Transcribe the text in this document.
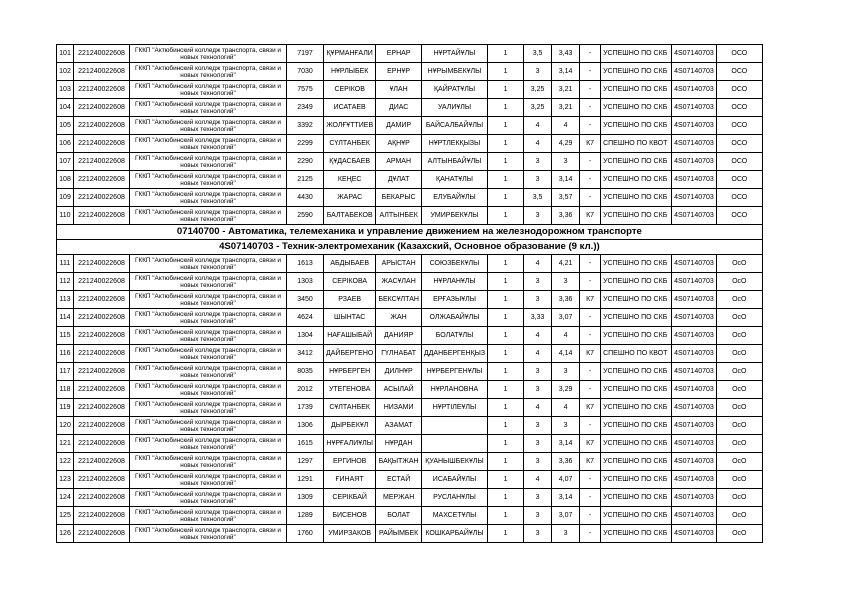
101	221240022608	ГККП "Актюбинский колледж транспорта, связи и новых технологий"	7197	ҚҰРМАНҒАЛИ	ЕРНАР	НҰРТАЙҰЛЫ	1	3,5	3,43	-	УСПЕШНО ПО СКБ	4S07140703	ОСО
102	221240022608	ГККП "Актюбинский колледж транспорта, связи и новых технологий"	7030	НҰРЛЫБЕК	ЕРНҰР	НҰРЫМБЕКҰЛЫ	1	3	3,14	-	УСПЕШНО ПО СКБ	4S07140703	ОСО
103	221240022608	ГККП "Актюбинский колледж транспорта, связи и новых технологий"	7575	СЕРІКОВ	ҰЛАН	ҚАЙРАТҰЛЫ	1	3,25	3,21	-	УСПЕШНО ПО СКБ	4S07140703	ОСО
104	221240022608	ГККП "Актюбинский колледж транспорта, связи и новых технологий"	2349	ИСАТАЕВ	ДИАС	УАЛИҰЛЫ	1	3,25	3,21	-	УСПЕШНО ПО СКБ	4S07140703	ОСО
105	221240022608	ГККП "Актюбинский колледж транспорта, связи и новых технологий"	3392	ЖОЛҒҰТТИЕВ	ДАМИР	БАЙСАЛБАЙҰЛЫ	1	4	4	-	УСПЕШНО ПО СКБ	4S07140703	ОСО
106	221240022608	ГККП "Актюбинский колледж транспорта, связи и новых технологий"	2299	СҮЛТАНБЕК	АҚНҰР	НҰРТЛЕКҚЫЗЫ	1	4	4,29	К7	СПЕШНО ПО КВОТ	4S07140703	ОСО
107	221240022608	ГККП "Актюбинский колледж транспорта, связи и новых технологий"	2290	ҚҰДАСБАЕВ	АРМАН	АЛТЫНБАЙҰЛЫ	1	3	3	-	УСПЕШНО ПО СКБ	4S07140703	ОСО
108	221240022608	ГККП "Актюбинский колледж транспорта, связи и новых технологий"	2125	КЕҢЕС	ДҰЛАТ	ҚАНАТҰЛЫ	1	3	3,14	-	УСПЕШНО ПО СКБ	4S07140703	ОСО
109	221240022608	ГККП "Актюбинский колледж транспорта, связи и новых технологий"	4430	ЖАРАС	БЕКАРЫС	ЕЛУБАЙҰЛЫ	1	3,5	3,57	-	УСПЕШНО ПО СКБ	4S07140703	ОСО
110	221240022608	ГККП "Актюбинский колледж транспорта, связи и новых технологий"	2590	БАЛТАБЕКОВ	АЛТЫНБЕК	УМИРБЕКҰЛЫ	1	3	3,36	К7	УСПЕШНО ПО СКБ	4S07140703	ОСО
07140700 - Автоматика, телемеханика и управление движением на железнодорожном транспорте													
4S07140703 - Техник-электромеханик (Казахский, Основное образование (9 кл.))													
111	221240022608	ГККП "Актюбинский колледж транспорта, связи и новых технологий"	1613	АБДЫБАЕВ	АРЫСТАН	СОЮЗБЕКҰЛЫ	1	4	4,21	-	УСПЕШНО ПО СКБ	4S07140703	ОсО
112	221240022608	ГККП "Актюбинский колледж транспорта, связи и новых технологий"	1303	СЕРІКОВА	ЖАСҰЛАН	НҰРЛАНҰЛЫ	1	3	3	-	УСПЕШНО ПО СКБ	4S07140703	ОсО
113	221240022608	ГККП "Актюбинский колледж транспорта, связи и новых технологий"	3450	РЗАЕВ	БЕКСҰЛТАН	ЕРҒАЗЫҰЛЫ	1	3	3,36	К7	УСПЕШНО ПО СКБ	4S07140703	ОсО
114	221240022608	ГККП "Актюбинский колледж транспорта, связи и новых технологий"	4624	ШЫНТАС	ЖАН	ОЛЖАБАЙҰЛЫ	1	3,33	3,07	-	УСПЕШНО ПО СКБ	4S07140703	ОсО
115	221240022608	ГККП "Актюбинский колледж транспорта, связи и новых технологий"	1304	НАҒАШЫБАЙ	ДАНИЯР	БОЛАТҰЛЫ	1	4	4	-	УСПЕШНО ПО СКБ	4S07140703	ОсО
116	221240022608	ГККП "Актюбинский колледж транспорта, связи и новых технологий"	3412	ДАЙБЕРГЕНО	ГҮЛНАБАТ	ДДАНБЕРГЕНҚЫЗ	1	4	4,14	К7	СПЕШНО ПО КВОТ	4S07140703	ОсО
117	221240022608	ГККП "Актюбинский колледж транспорта, связи и новых технологий"	8035	НҰРБЕРГЕН	ДИЛНҰР	НҰРБЕРГЕНҰЛЫ	1	3	3	-	УСПЕШНО ПО СКБ	4S07140703	ОсО
118	221240022608	ГККП "Актюбинский колледж транспорта, связи и новых технологий"	2012	УТЕГЕНОВА	АСЫЛАЙ	НҰРЛАНОВНА	1	3	3,29	-	УСПЕШНО ПО СКБ	4S07140703	ОсО
119	221240022608	ГККП "Актюбинский колледж транспорта, связи и новых технологий"	1739	СҰЛТАНБЕК	НИЗАМИ	НҰРТІЛЕҰЛЫ	1	4	4	К7	УСПЕШНО ПО СКБ	4S07140703	ОсО
120	221240022608	ГККП "Актюбинский колледж транспорта, связи и новых технологий"	1306	ДЫРБЕКҰЛ	АЗАМАТ		1	3	3	-	УСПЕШНО ПО СКБ	4S07140703	ОсО
121	221240022608	ГККП "Актюбинский колледж транспорта, связи и новых технологий"	1615	НҰРҒАЛИҰЛЫ	НҰРДАН		1	3	3,14	К7	УСПЕШНО ПО СКБ	4S07140703	ОсО
122	221240022608	ГККП "Актюбинский колледж транспорта, связи и новых технологий"	1297	ЕРГИНОВ	БАҚЫТЖАН	ҚУАНЫШБЕКҰЛЫ	1	3	3,36	К7	УСПЕШНО ПО СКБ	4S07140703	ОсО
123	221240022608	ГККП "Актюбинский колледж транспорта, связи и новых технологий"	1291	ҒИНАЯТ	ЕСТАЙ	ИСАБАЙҰЛЫ	1	4	4,07	-	УСПЕШНО ПО СКБ	4S07140703	ОсО
124	221240022608	ГККП "Актюбинский колледж транспорта, связи и новых технологий"	1309	СЕРІКБАЙ	МЕРЖАН	РУСЛАНҰЛЫ	1	3	3,14	-	УСПЕШНО ПО СКБ	4S07140703	ОсО
125	221240022608	ГККП "Актюбинский колледж транспорта, связи и новых технологий"	1289	БИСЕНОВ	БОЛАТ	МАХСЕТҰЛЫ	1	3	3,07	-	УСПЕШНО ПО СКБ	4S07140703	ОсО
126	221240022608	ГККП "Актюбинский колледж транспорта, связи и новых технологий"	1760	УМИРЗАКОВ	РАЙЫМБЕК	КОШКАРБАЙҰЛЫ	1	3	3	-	УСПЕШНО ПО СКБ	4S07140703	ОсО
